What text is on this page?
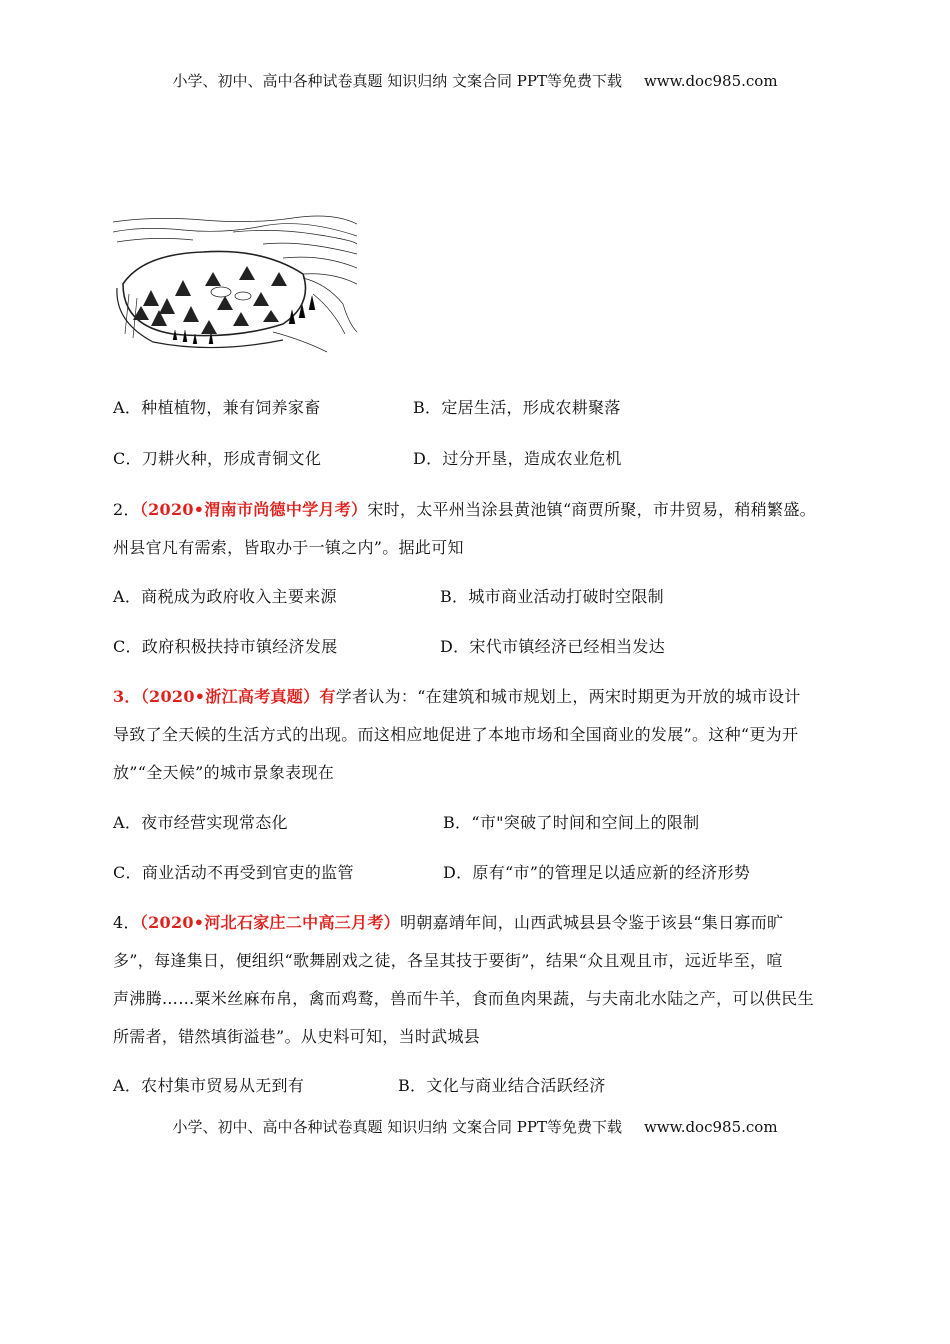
小学、初中、高中各种试卷真题 知识归纳 文案合同 PPT等免费下载 www.doc985.com
A．种植植物，兼有饲养家畜	B．定居生活，形成农耕聚落
C．刀耕火种，形成青铜文化	D．过分开垦，造成农业危机
2．（2020•渭南市尚德中学月考）宋时，太平州当涂县黄池镇“商贾所聚，市井贸易，稍稍繁盛。
州县官凡有需索，皆取办于一镇之内”。据此可知
A．商税成为政府收入主要来源	B．城市商业活动打破时空限制
C．政府积极扶持市镇经济发展	D．宋代市镇经济已经相当发达
3．（2020•浙江高考真题）有学者认为：“在建筑和城市规划上，两宋时期更为开放的城市设计
导致了全天候的生活方式的出现。而这相应地促进了本地市场和全国商业的发展”。这种“更为开
放”“全天候”的城市景象表现在
A．夜市经营实现常态化	B．“市"突破了时间和空间上的限制
C．商业活动不再受到官吏的监管	D．原有“市”的管理足以适应新的经济形势
4．（2020•河北石家庄二中高三月考）明朝嘉靖年间，山西武城县县令鉴于该县“集日寡而旷
多”，每逢集日，便组织“歌舞剧戏之徒，各呈其技于要街”，结果“众且观且市，远近毕至，喧
声沸腾……粟米丝麻布帛，禽而鸡鹜，兽而牛羊，食而鱼肉果蔬，与夫南北水陆之产，可以供民生
所需者，错然填街溢巷”。从史料可知，当时武城县
A．农村集市贸易从无到有	B．文化与商业结合活跃经济
小学、初中、高中各种试卷真题 知识归纳 文案合同 PPT等免费下载 www.doc985.com
